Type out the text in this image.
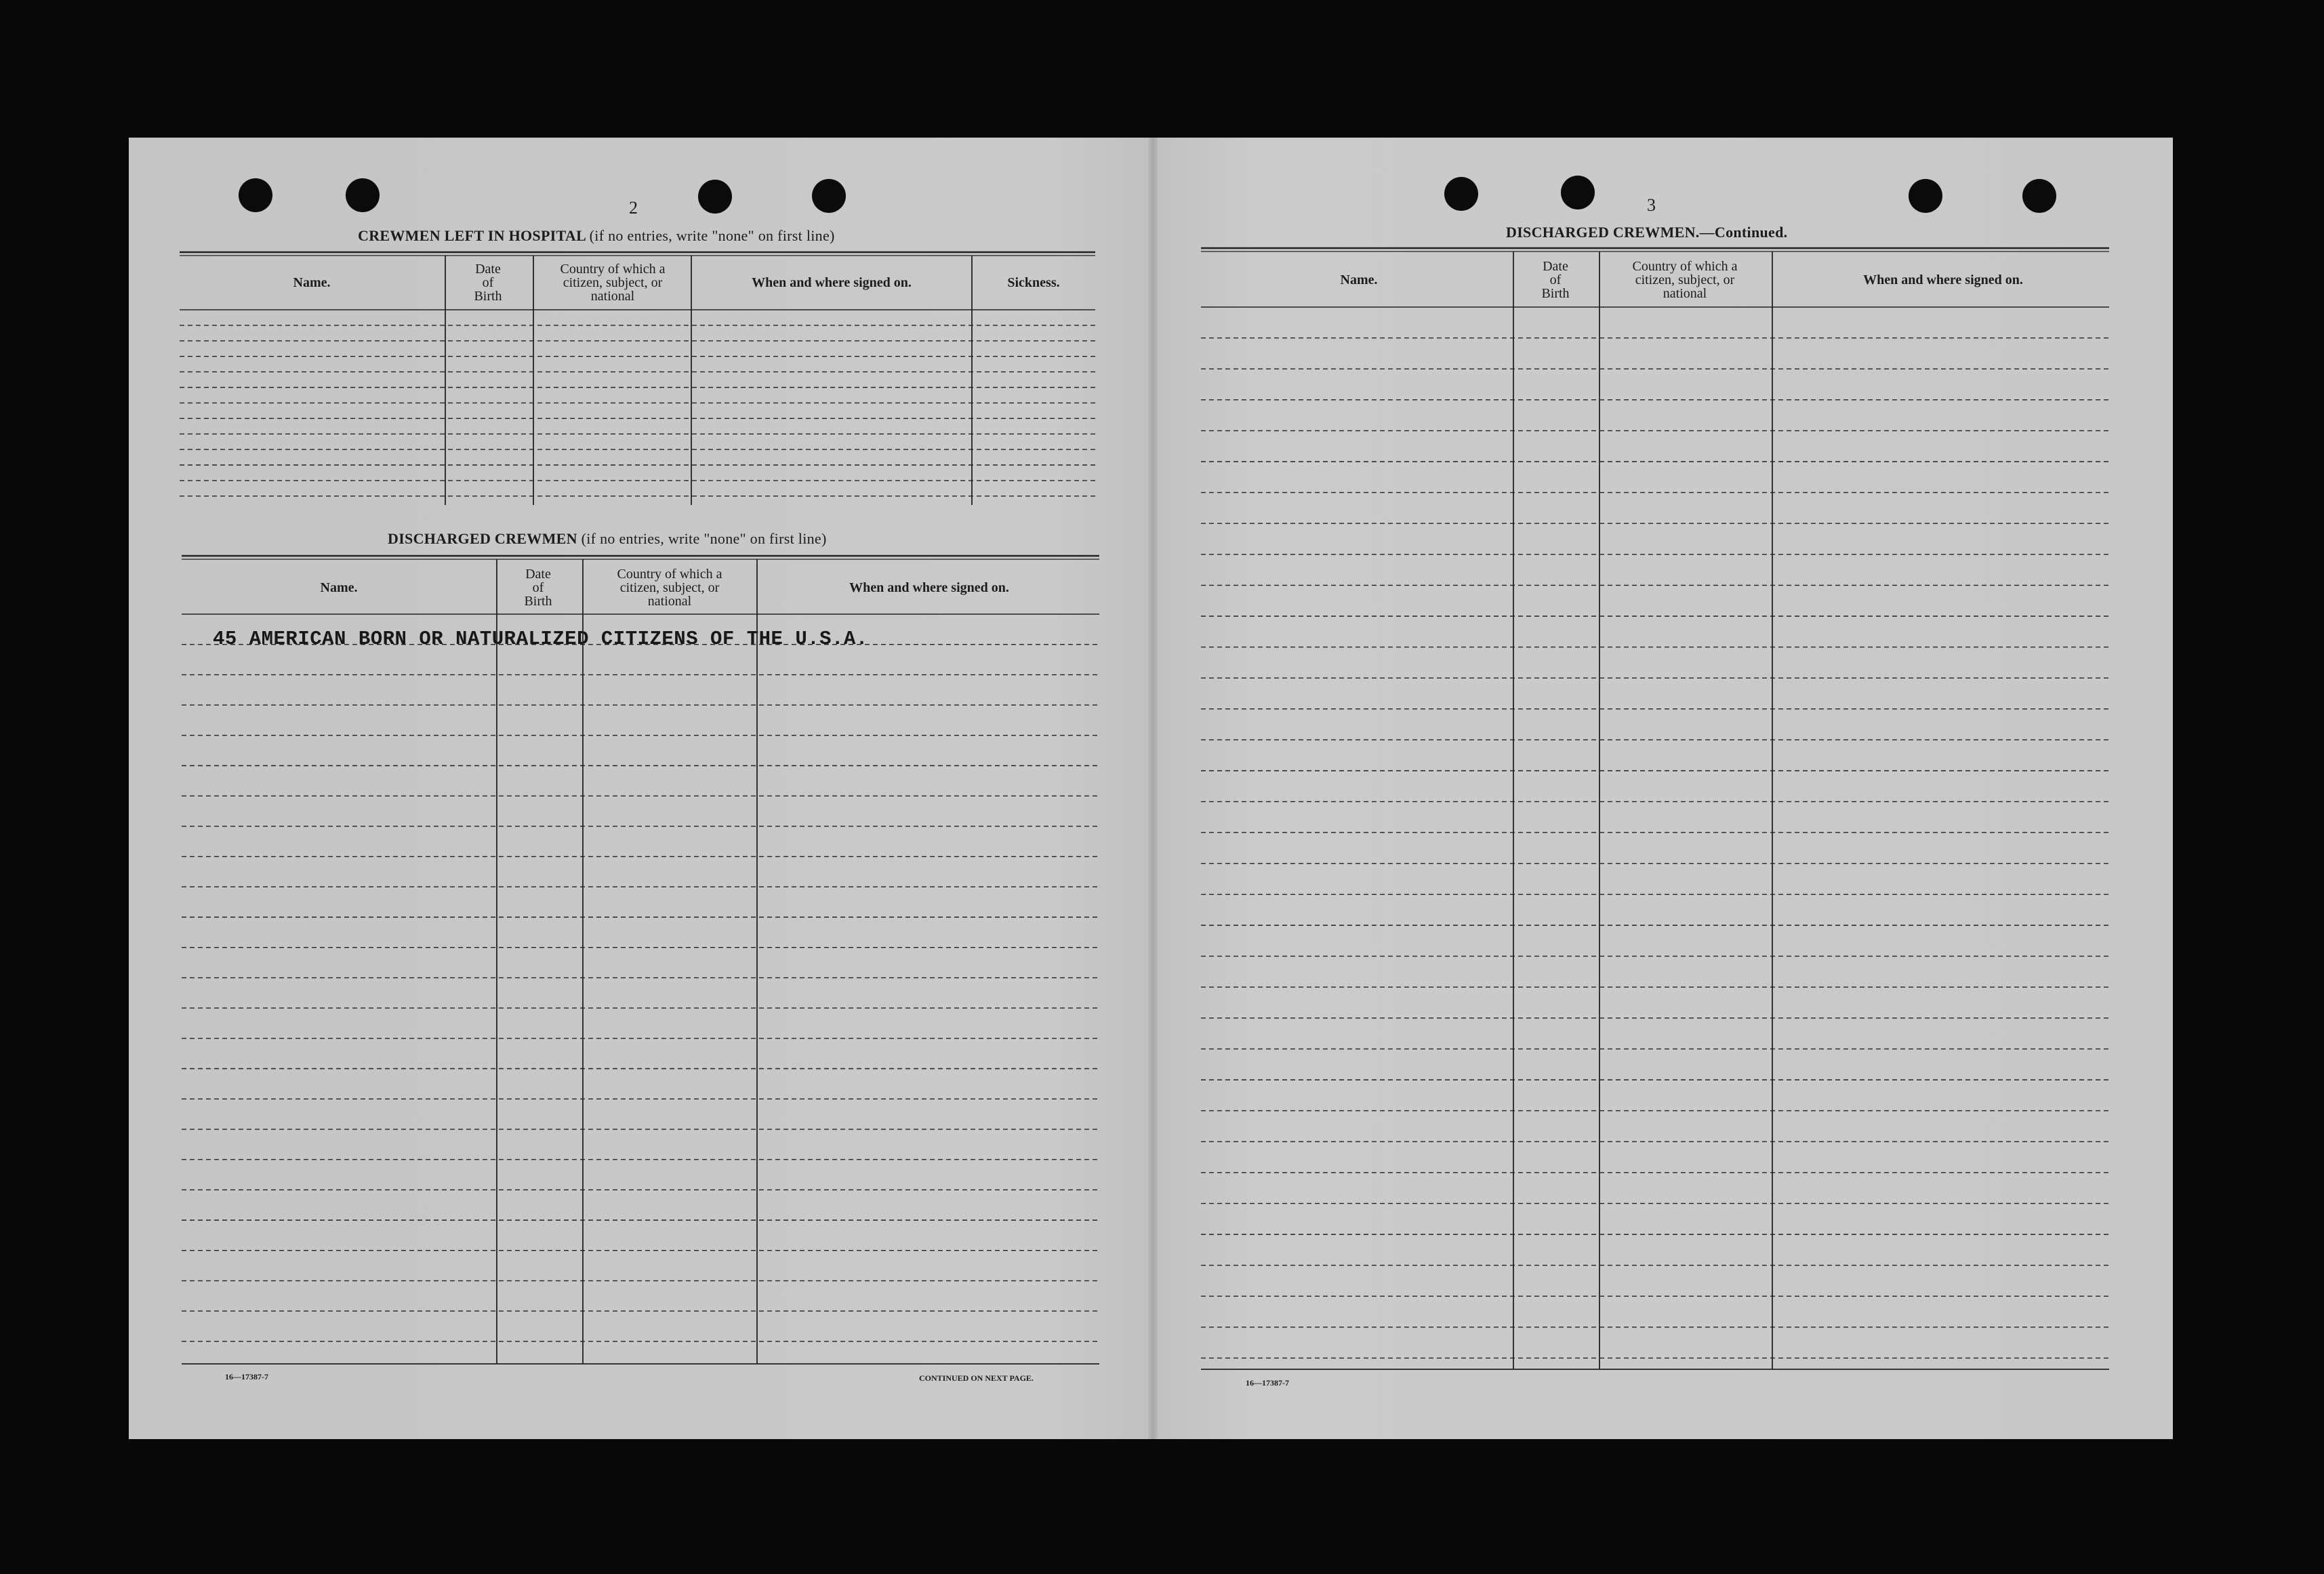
2
CREWMEN LEFT IN HOSPITAL (if no entries, write "none" on first line)
Name.
Date
of
Birth
Country of which a
citizen, subject, or
national
When and where signed on.	Sickness.
DISCHARGED CREWMEN (if no entries, write "none" on first line)
Name.
Date
of
Birth
Country of which a
citizen, subject, or
national
When and where signed on.
45 AMERICAN BORN OR NATURALIZED CITIZENS OF THE U.S.A.
16—17387-7	CONTINUED ON NEXT PAGE.
3
DISCHARGED CREWMEN.—Continued.
Name.
Date
of
Birth
Country of which a
citizen, subject, or
national
When and where signed on.
16—17387-7
